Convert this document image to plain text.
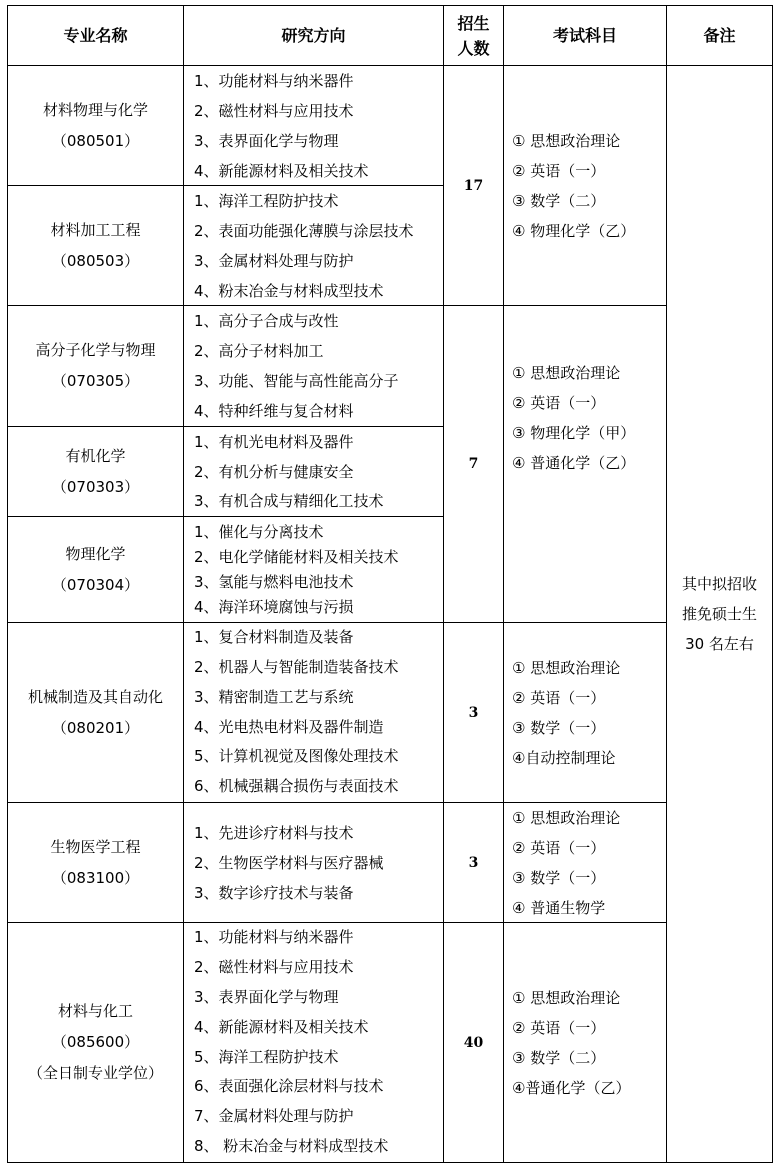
专业名称	研究方向
招生
人数
考试科目	备注
材料物理与化学
（080501）
1、功能材料与纳米器件
2、磁性材料与应用技术
3、表界面化学与物理
4、新能源材料及相关技术
材料加工工程
（080503）
1、海洋工程防护技术
2、表面功能强化薄膜与涂层技术
3、金属材料处理与防护
4、粉末冶金与材料成型技术
17
① 思想政治理论
② 英语（一）
③ 数学（二）
④ 物理化学（乙）
高分子化学与物理
（070305）
1、高分子合成与改性
2、高分子材料加工
3、功能、智能与高性能高分子
4、特种纤维与复合材料
有机化学
（070303）
1、有机光电材料及器件
2、有机分析与健康安全
3、有机合成与精细化工技术
物理化学
（070304）
1、催化与分离技术
2、电化学储能材料及相关技术
3、氢能与燃料电池技术
4、海洋环境腐蚀与污损
7
① 思想政治理论
② 英语（一）
③ 物理化学（甲）
④ 普通化学（乙）
机械制造及其自动化
（080201）
1、复合材料制造及装备
2、机器人与智能制造装备技术
3、精密制造工艺与系统
4、光电热电材料及器件制造
5、计算机视觉及图像处理技术
6、机械强耦合损伤与表面技术
3
① 思想政治理论
② 英语（一）
③ 数学（一）
④自动控制理论
生物医学工程
（083100）
1、先进诊疗材料与技术
2、生物医学材料与医疗器械
3、数字诊疗技术与装备
3
① 思想政治理论
② 英语（一）
③ 数学（一）
④ 普通生物学
材料与化工
（085600）
（全日制专业学位）
1、功能材料与纳米器件
2、磁性材料与应用技术
3、表界面化学与物理
4、新能源材料及相关技术
5、海洋工程防护技术
6、表面强化涂层材料与技术
7、金属材料处理与防护
8、 粉末冶金与材料成型技术
40
① 思想政治理论
② 英语（一）
③ 数学（二）
④普通化学（乙）
其中拟招收
推免硕士生
30 名左右
